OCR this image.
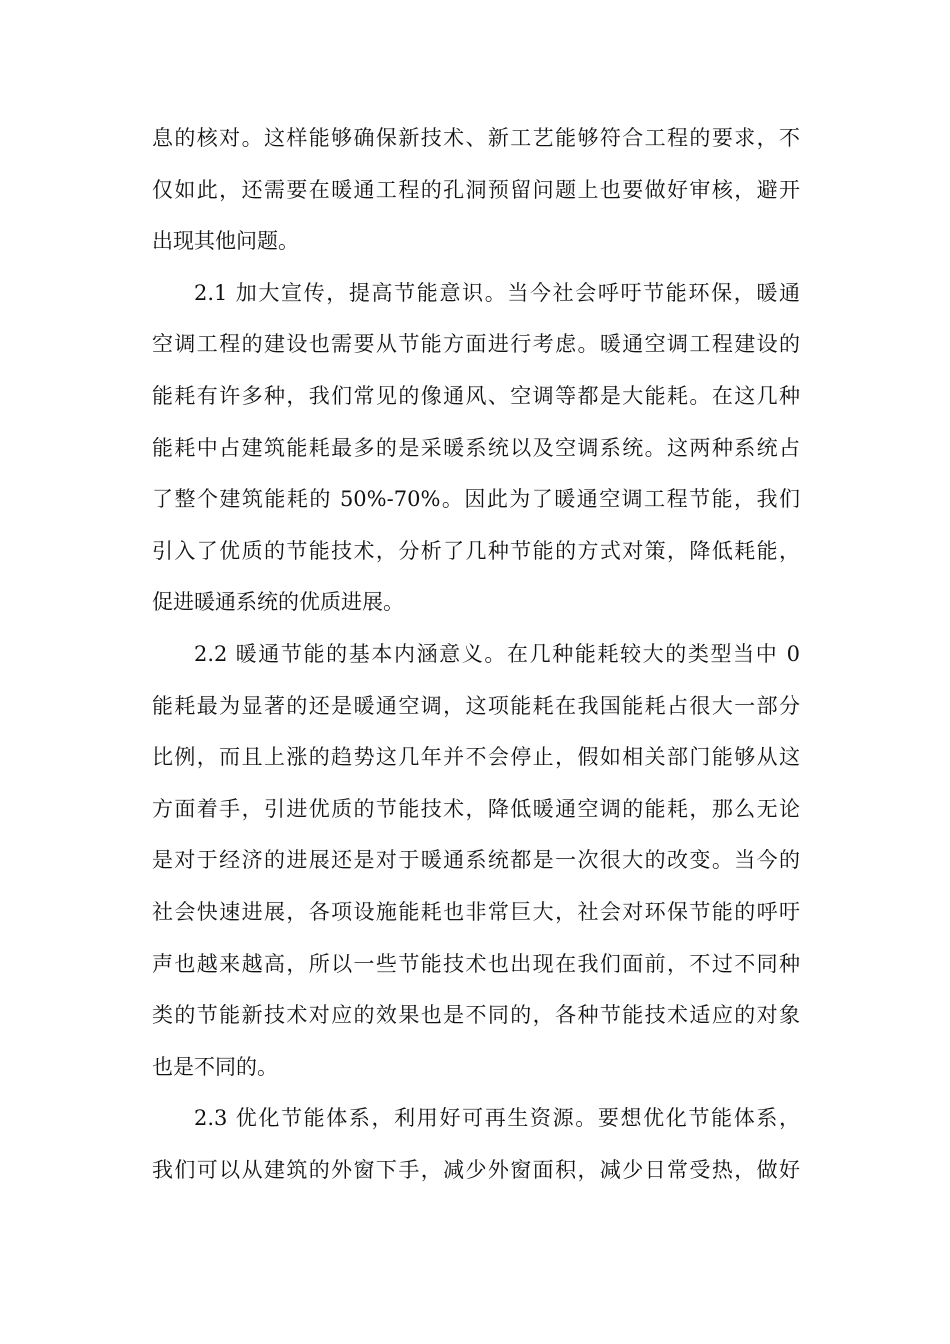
息的核对。这样能够确保新技术、新工艺能够符合工程的要求，不
仅如此，还需要在暖通工程的孔洞预留问题上也要做好审核，避开
出现其他问题。
2.1 加大宣传，提高节能意识。当今社会呼吁节能环保，暖通
空调工程的建设也需要从节能方面进行考虑。暖通空调工程建设的
能耗有许多种，我们常见的像通风、空调等都是大能耗。在这几种
能耗中占建筑能耗最多的是采暖系统以及空调系统。这两种系统占
了整个建筑能耗的 50%-70%。因此为了暖通空调工程节能，我们
引入了优质的节能技术，分析了几种节能的方式对策，降低耗能，
促进暖通系统的优质进展。
2.2 暖通节能的基本内涵意义。在几种能耗较大的类型当中 0
能耗最为显著的还是暖通空调，这项能耗在我国能耗占很大一部分
比例，而且上涨的趋势这几年并不会停止，假如相关部门能够从这
方面着手，引进优质的节能技术，降低暖通空调的能耗，那么无论
是对于经济的进展还是对于暖通系统都是一次很大的改变。当今的
社会快速进展，各项设施能耗也非常巨大，社会对环保节能的呼吁
声也越来越高，所以一些节能技术也出现在我们面前，不过不同种
类的节能新技术对应的效果也是不同的，各种节能技术适应的对象
也是不同的。
2.3 优化节能体系，利用好可再生资源。要想优化节能体系，
我们可以从建筑的外窗下手，减少外窗面积，减少日常受热，做好
